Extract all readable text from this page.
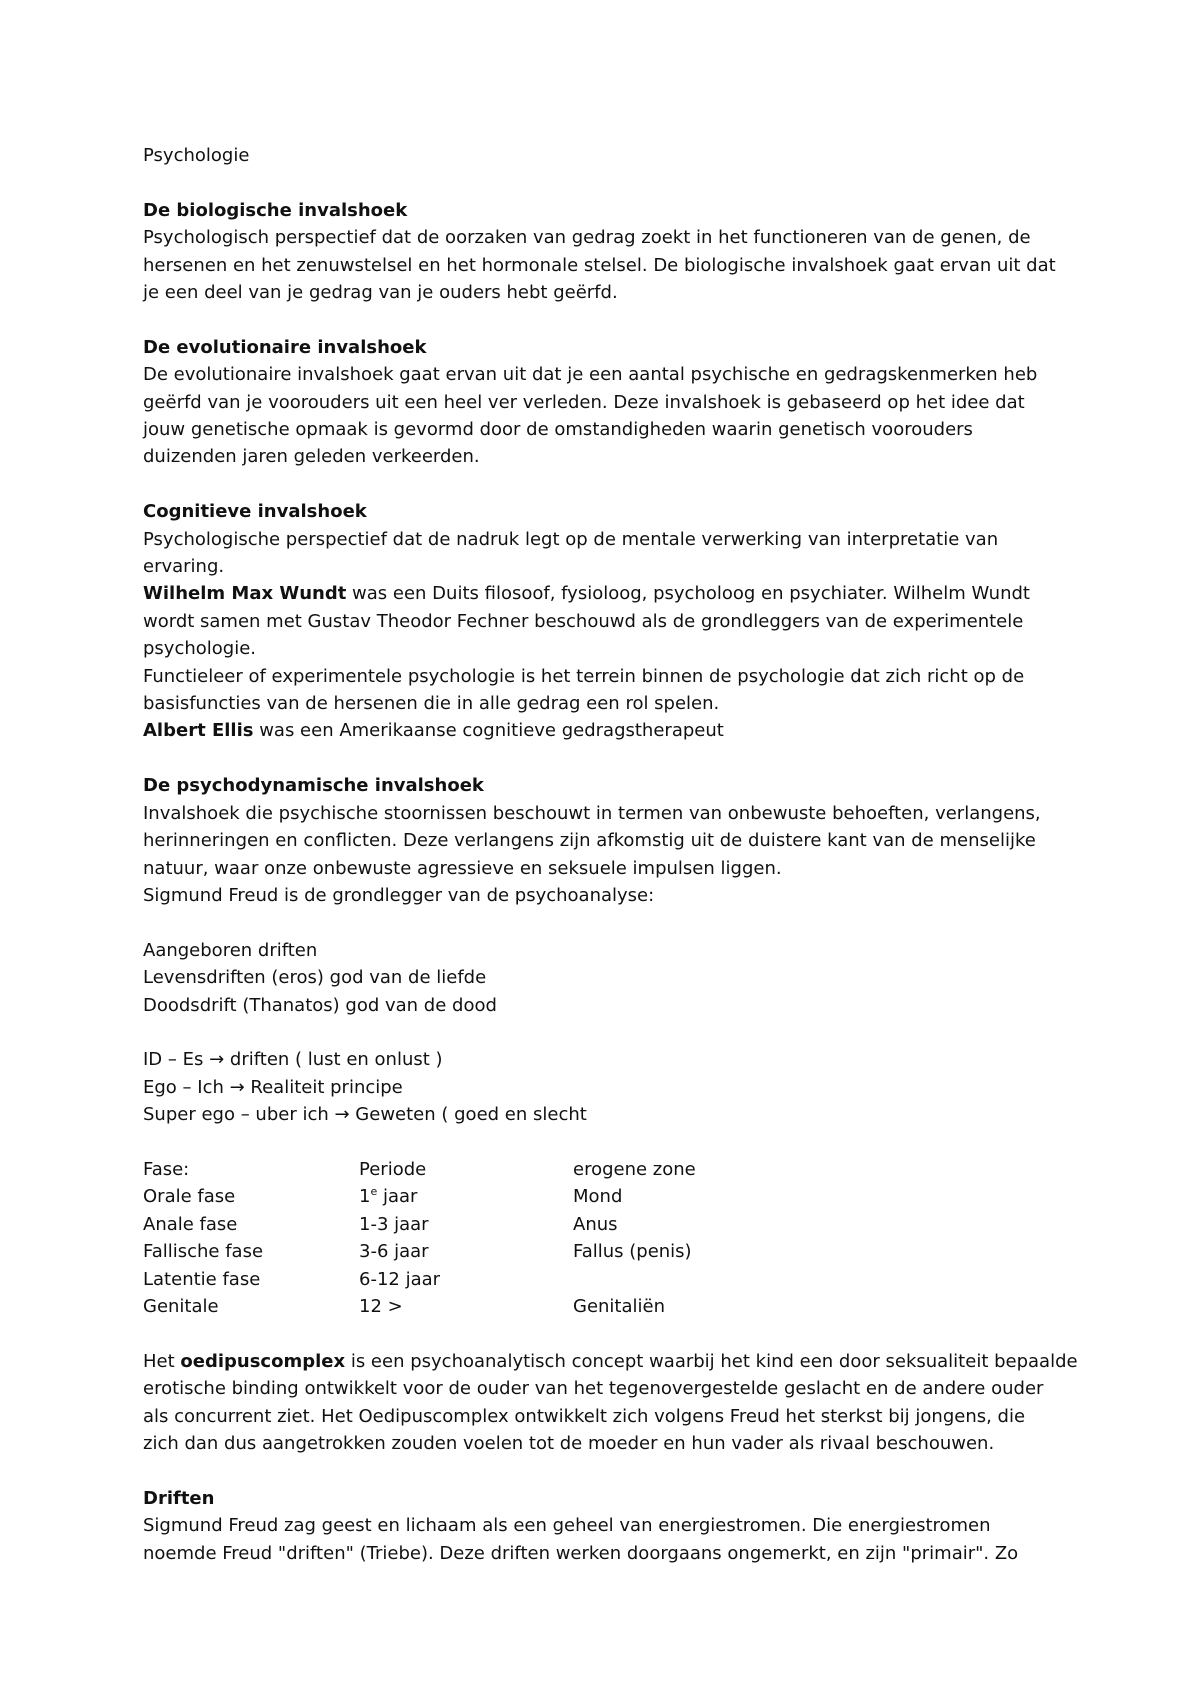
Psychologie
De biologische invalshoek
Psychologisch perspectief dat de oorzaken van gedrag zoekt in het functioneren van de genen, de
hersenen en het zenuwstelsel en het hormonale stelsel. De biologische invalshoek gaat ervan uit dat
je een deel van je gedrag van je ouders hebt geërfd.
De evolutionaire invalshoek
De evolutionaire invalshoek gaat ervan uit dat je een aantal psychische en gedragskenmerken heb
geërfd van je voorouders uit een heel ver verleden. Deze invalshoek is gebaseerd op het idee dat
jouw genetische opmaak is gevormd door de omstandigheden waarin genetisch voorouders
duizenden jaren geleden verkeerden.
Cognitieve invalshoek
Psychologische perspectief dat de nadruk legt op de mentale verwerking van interpretatie van
ervaring.
Wilhelm Max Wundt was een Duits filosoof, fysioloog, psycholoog en psychiater. Wilhelm Wundt
wordt samen met Gustav Theodor Fechner beschouwd als de grondleggers van de experimentele
psychologie.
Functieleer of experimentele psychologie is het terrein binnen de psychologie dat zich richt op de
basisfuncties van de hersenen die in alle gedrag een rol spelen.
Albert Ellis was een Amerikaanse cognitieve gedragstherapeut
De psychodynamische invalshoek
Invalshoek die psychische stoornissen beschouwt in termen van onbewuste behoeften, verlangens,
herinneringen en conflicten. Deze verlangens zijn afkomstig uit de duistere kant van de menselijke
natuur, waar onze onbewuste agressieve en seksuele impulsen liggen.
Sigmund Freud is de grondlegger van de psychoanalyse:
Aangeboren driften
Levensdriften (eros) god van de liefde
Doodsdrift (Thanatos) god van de dood
ID – Es → driften ( lust en onlust )
Ego – Ich → Realiteit principe
Super ego – uber ich → Geweten ( goed en slecht
Fase:	Periode	erogene zone
Orale fase	1e jaar	Mond
Anale fase	1-3 jaar	Anus
Fallische fase	3-6 jaar	Fallus (penis)
Latentie fase	6-12 jaar
Genitale	12 >	Genitaliën
Het oedipuscomplex is een psychoanalytisch concept waarbij het kind een door seksualiteit bepaalde
erotische binding ontwikkelt voor de ouder van het tegenovergestelde geslacht en de andere ouder
als concurrent ziet. Het Oedipuscomplex ontwikkelt zich volgens Freud het sterkst bij jongens, die
zich dan dus aangetrokken zouden voelen tot de moeder en hun vader als rivaal beschouwen.
Driften
Sigmund Freud zag geest en lichaam als een geheel van energiestromen. Die energiestromen
noemde Freud "driften" (Triebe). Deze driften werken doorgaans ongemerkt, en zijn "primair". Zo
